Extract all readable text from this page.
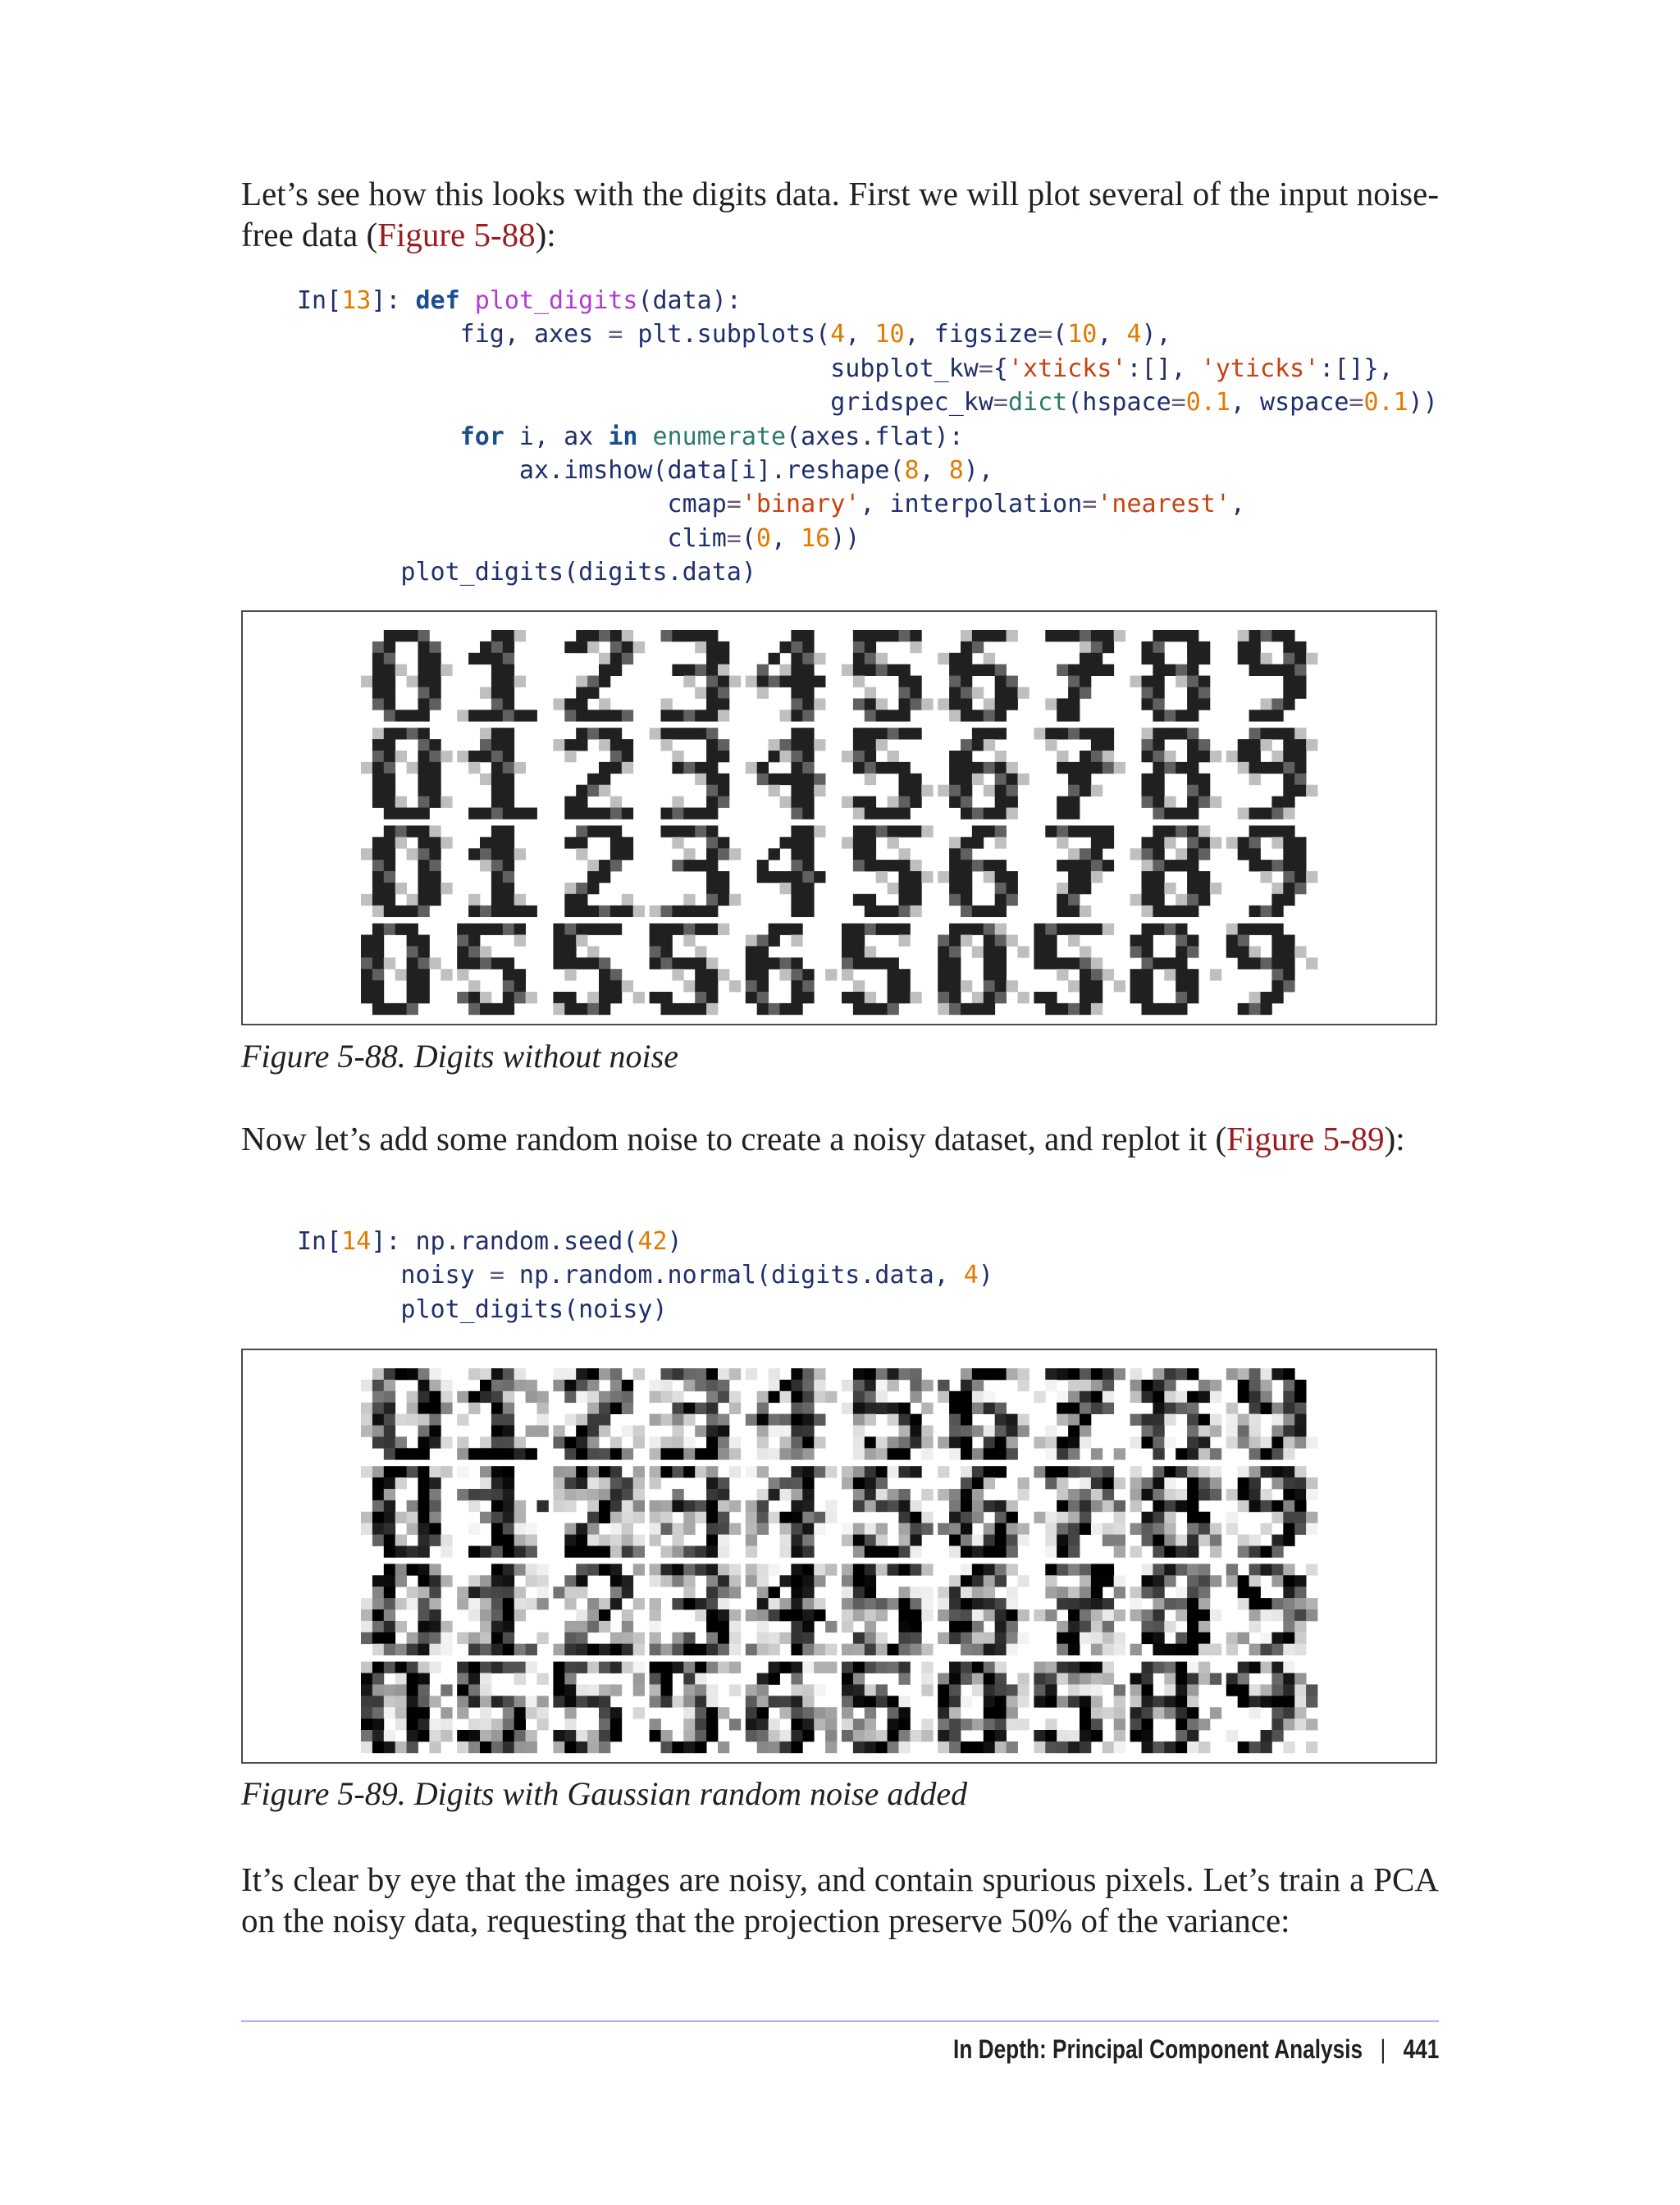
Let’s see how this looks with the digits data. First we will plot several of the input noise-free data (Figure 5-88):

In[13]: def plot_digits(data):
fig, axes = plt.subplots(4, 10, figsize=(10, 4),
subplot_kw={'xticks':[], 'yticks':[]},
gridspec_kw=dict(hspace=0.1, wspace=0.1))
for i, ax in enumerate(axes.flat):
ax.imshow(data[i].reshape(8, 8),
cmap='binary', interpolation='nearest',
clim=(0, 16))
plot_digits(digits.data)

Figure 5-88. Digits without noise

Now let’s add some random noise to create a noisy dataset, and replot it (Figure 5-89):

In[14]: np.random.seed(42)
noisy = np.random.normal(digits.data, 4)
plot_digits(noisy)

Figure 5-89. Digits with Gaussian random noise added

It’s clear by eye that the images are noisy, and contain spurious pixels. Let’s train a PCA on the noisy data, requesting that the projection preserve 50% of the variance:

In Depth: Principal Component Analysis | 441
